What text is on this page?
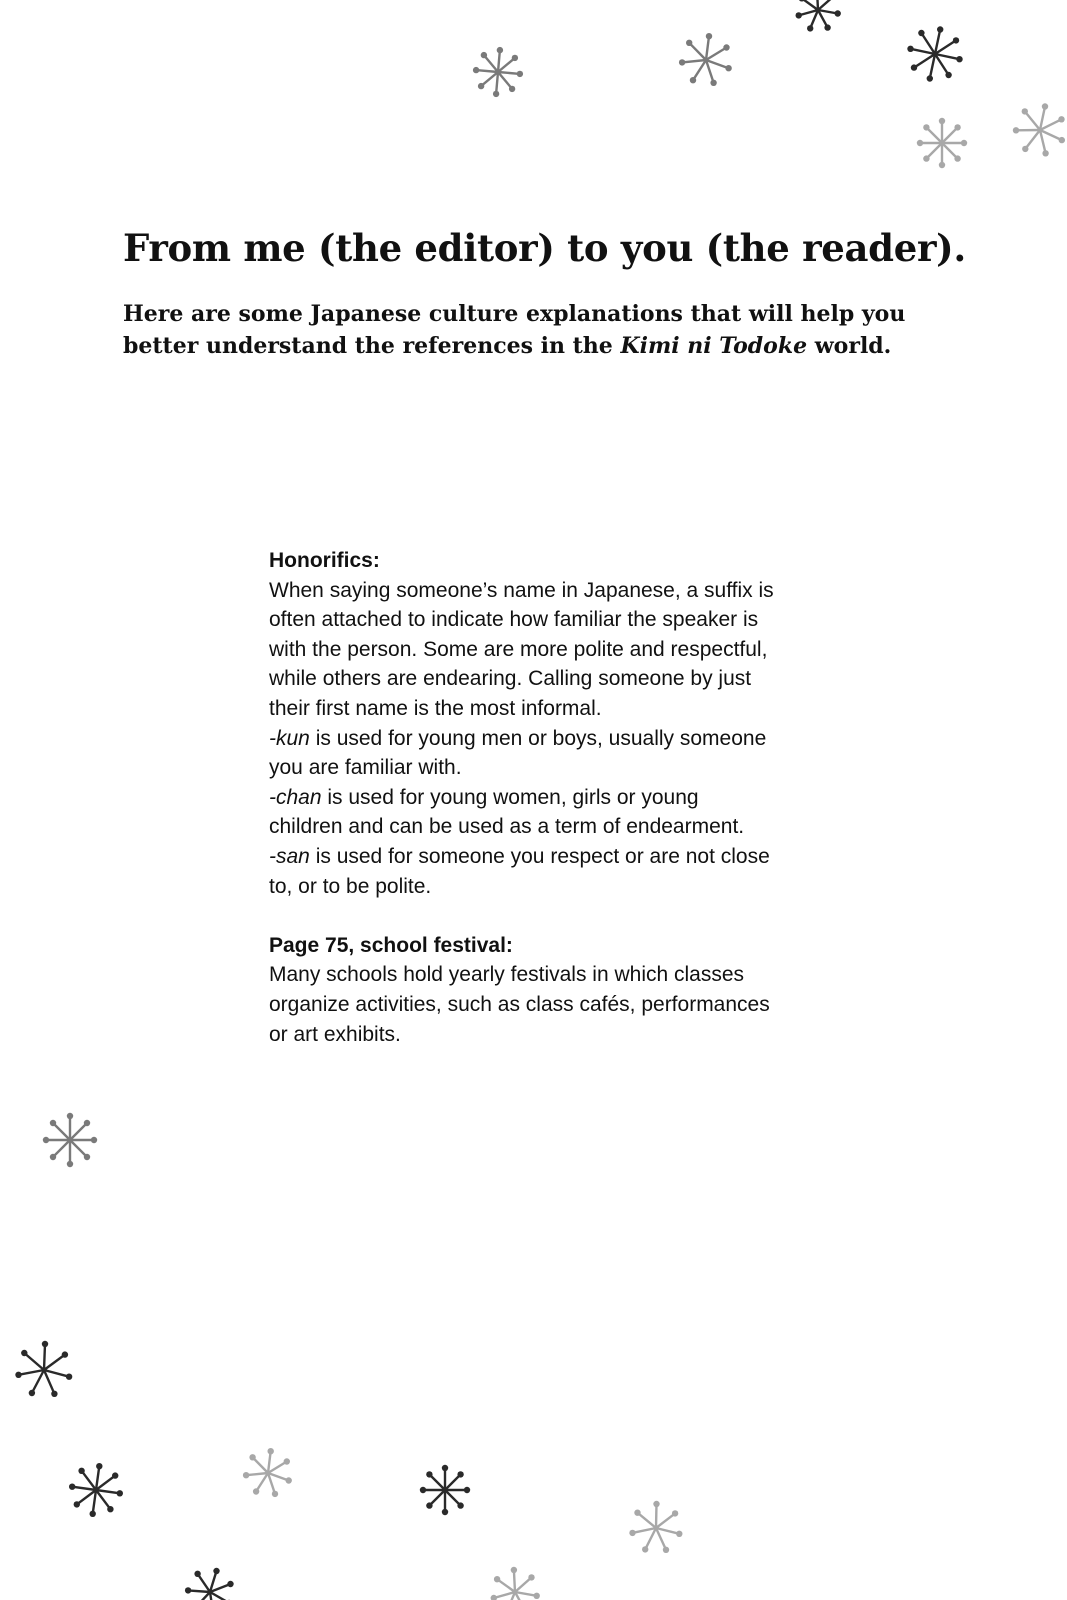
From me (the editor) to you (the reader).

Here are some Japanese culture explanations that will help you better understand the references in the Kimi ni Todoke world.

Honorifics:

When saying someone’s name in Japanese, a suffix is

often attached to indicate how familiar the speaker is

with the person. Some are more polite and respectful,

while others are endearing. Calling someone by just

their first name is the most informal.

-kun is used for young men or boys, usually someone

you are familiar with.

-chan is used for young women, girls or young

children and can be used as a term of endearment.

-san is used for someone you respect or are not close

to, or to be polite.

Page 75, school festival:

Many schools hold yearly festivals in which classes

organize activities, such as class cafés, performances

or art exhibits.
